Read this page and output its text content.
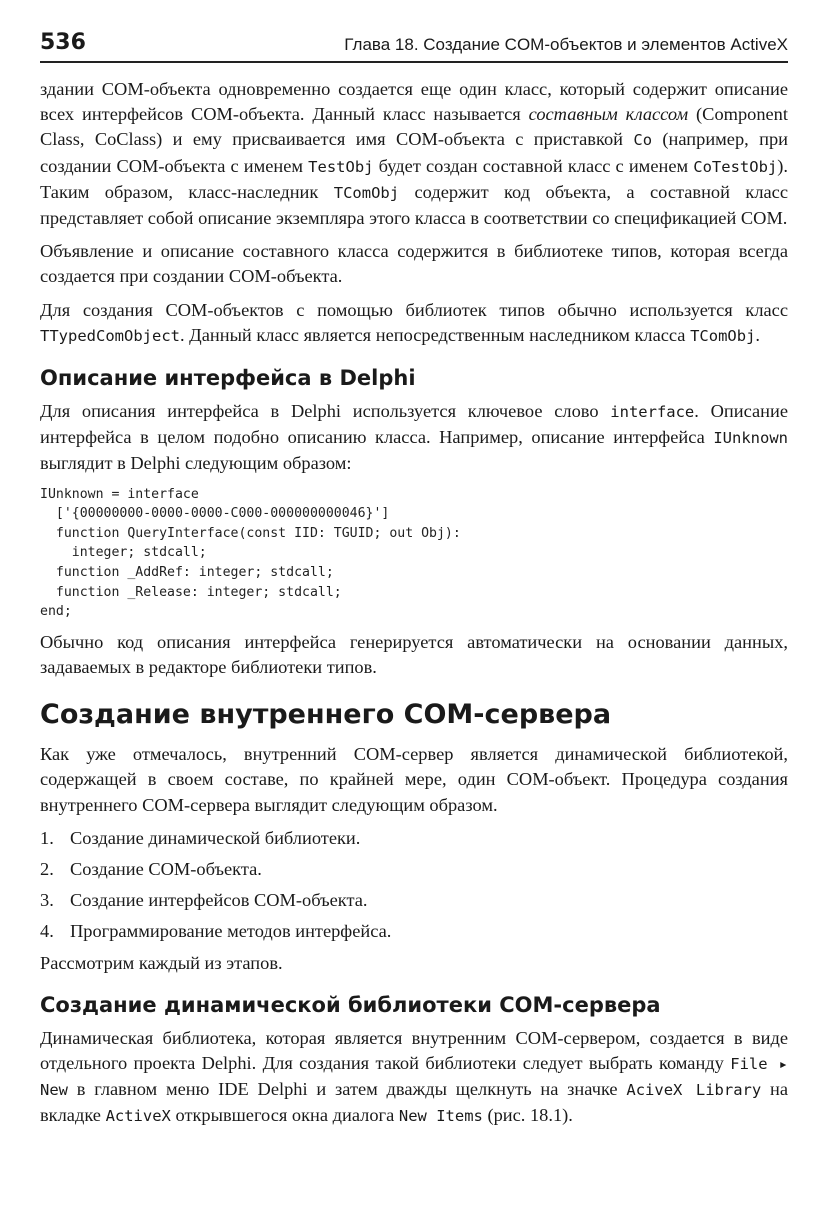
536	Глава 18. Создание COM-объектов и элементов ActiveX

здании COM-объекта одновременно создается еще один класс, который содержит описание всех интерфейсов COM-объекта. Данный класс называется составным классом (Component Class, CoClass) и ему присваивается имя COM-объекта с приставкой Co (например, при создании COM-объекта с именем TestObj будет создан составной класс с именем CoTestObj). Таким образом, класс-наследник TComObj содержит код объекта, а составной класс представляет собой описание экземпляра этого класса в соответствии со спецификацией COM.

Объявление и описание составного класса содержится в библиотеке типов, которая всегда создается при создании COM-объекта.

Для создания COM-объектов с помощью библиотек типов обычно используется класс TTypedComObject. Данный класс является непосредственным наследником класса TComObj.

Описание интерфейса в Delphi

Для описания интерфейса в Delphi используется ключевое слово interface. Описание интерфейса в целом подобно описанию класса. Например, описание интерфейса IUnknown выглядит в Delphi следующим образом:

IUnknown = interface
['{00000000-0000-0000-C000-000000000046}']
function QueryInterface(const IID: TGUID; out Obj):
integer; stdcall;
function _AddRef: integer; stdcall;
function _Release: integer; stdcall;
end;

Обычно код описания интерфейса генерируется автоматически на основании данных, задаваемых в редакторе библиотеки типов.

Создание внутреннего COM-сервера

Как уже отмечалось, внутренний COM-сервер является динамической библиотекой, содержащей в своем составе, по крайней мере, один COM-объект. Процедура создания внутреннего COM-сервера выглядит следующим образом.

1. Создание динамической библиотеки.
2. Создание COM-объекта.
3. Создание интерфейсов COM-объекта.
4. Программирование методов интерфейса.

Рассмотрим каждый из этапов.

Создание динамической библиотеки COM-сервера

Динамическая библиотека, которая является внутренним COM-сервером, создается в виде отдельного проекта Delphi. Для создания такой библиотеки следует выбрать команду File ▸ New в главном меню IDE Delphi и затем дважды щелкнуть на значке AciveX Library на вкладке ActiveX открывшегося окна диалога New Items (рис. 18.1).
